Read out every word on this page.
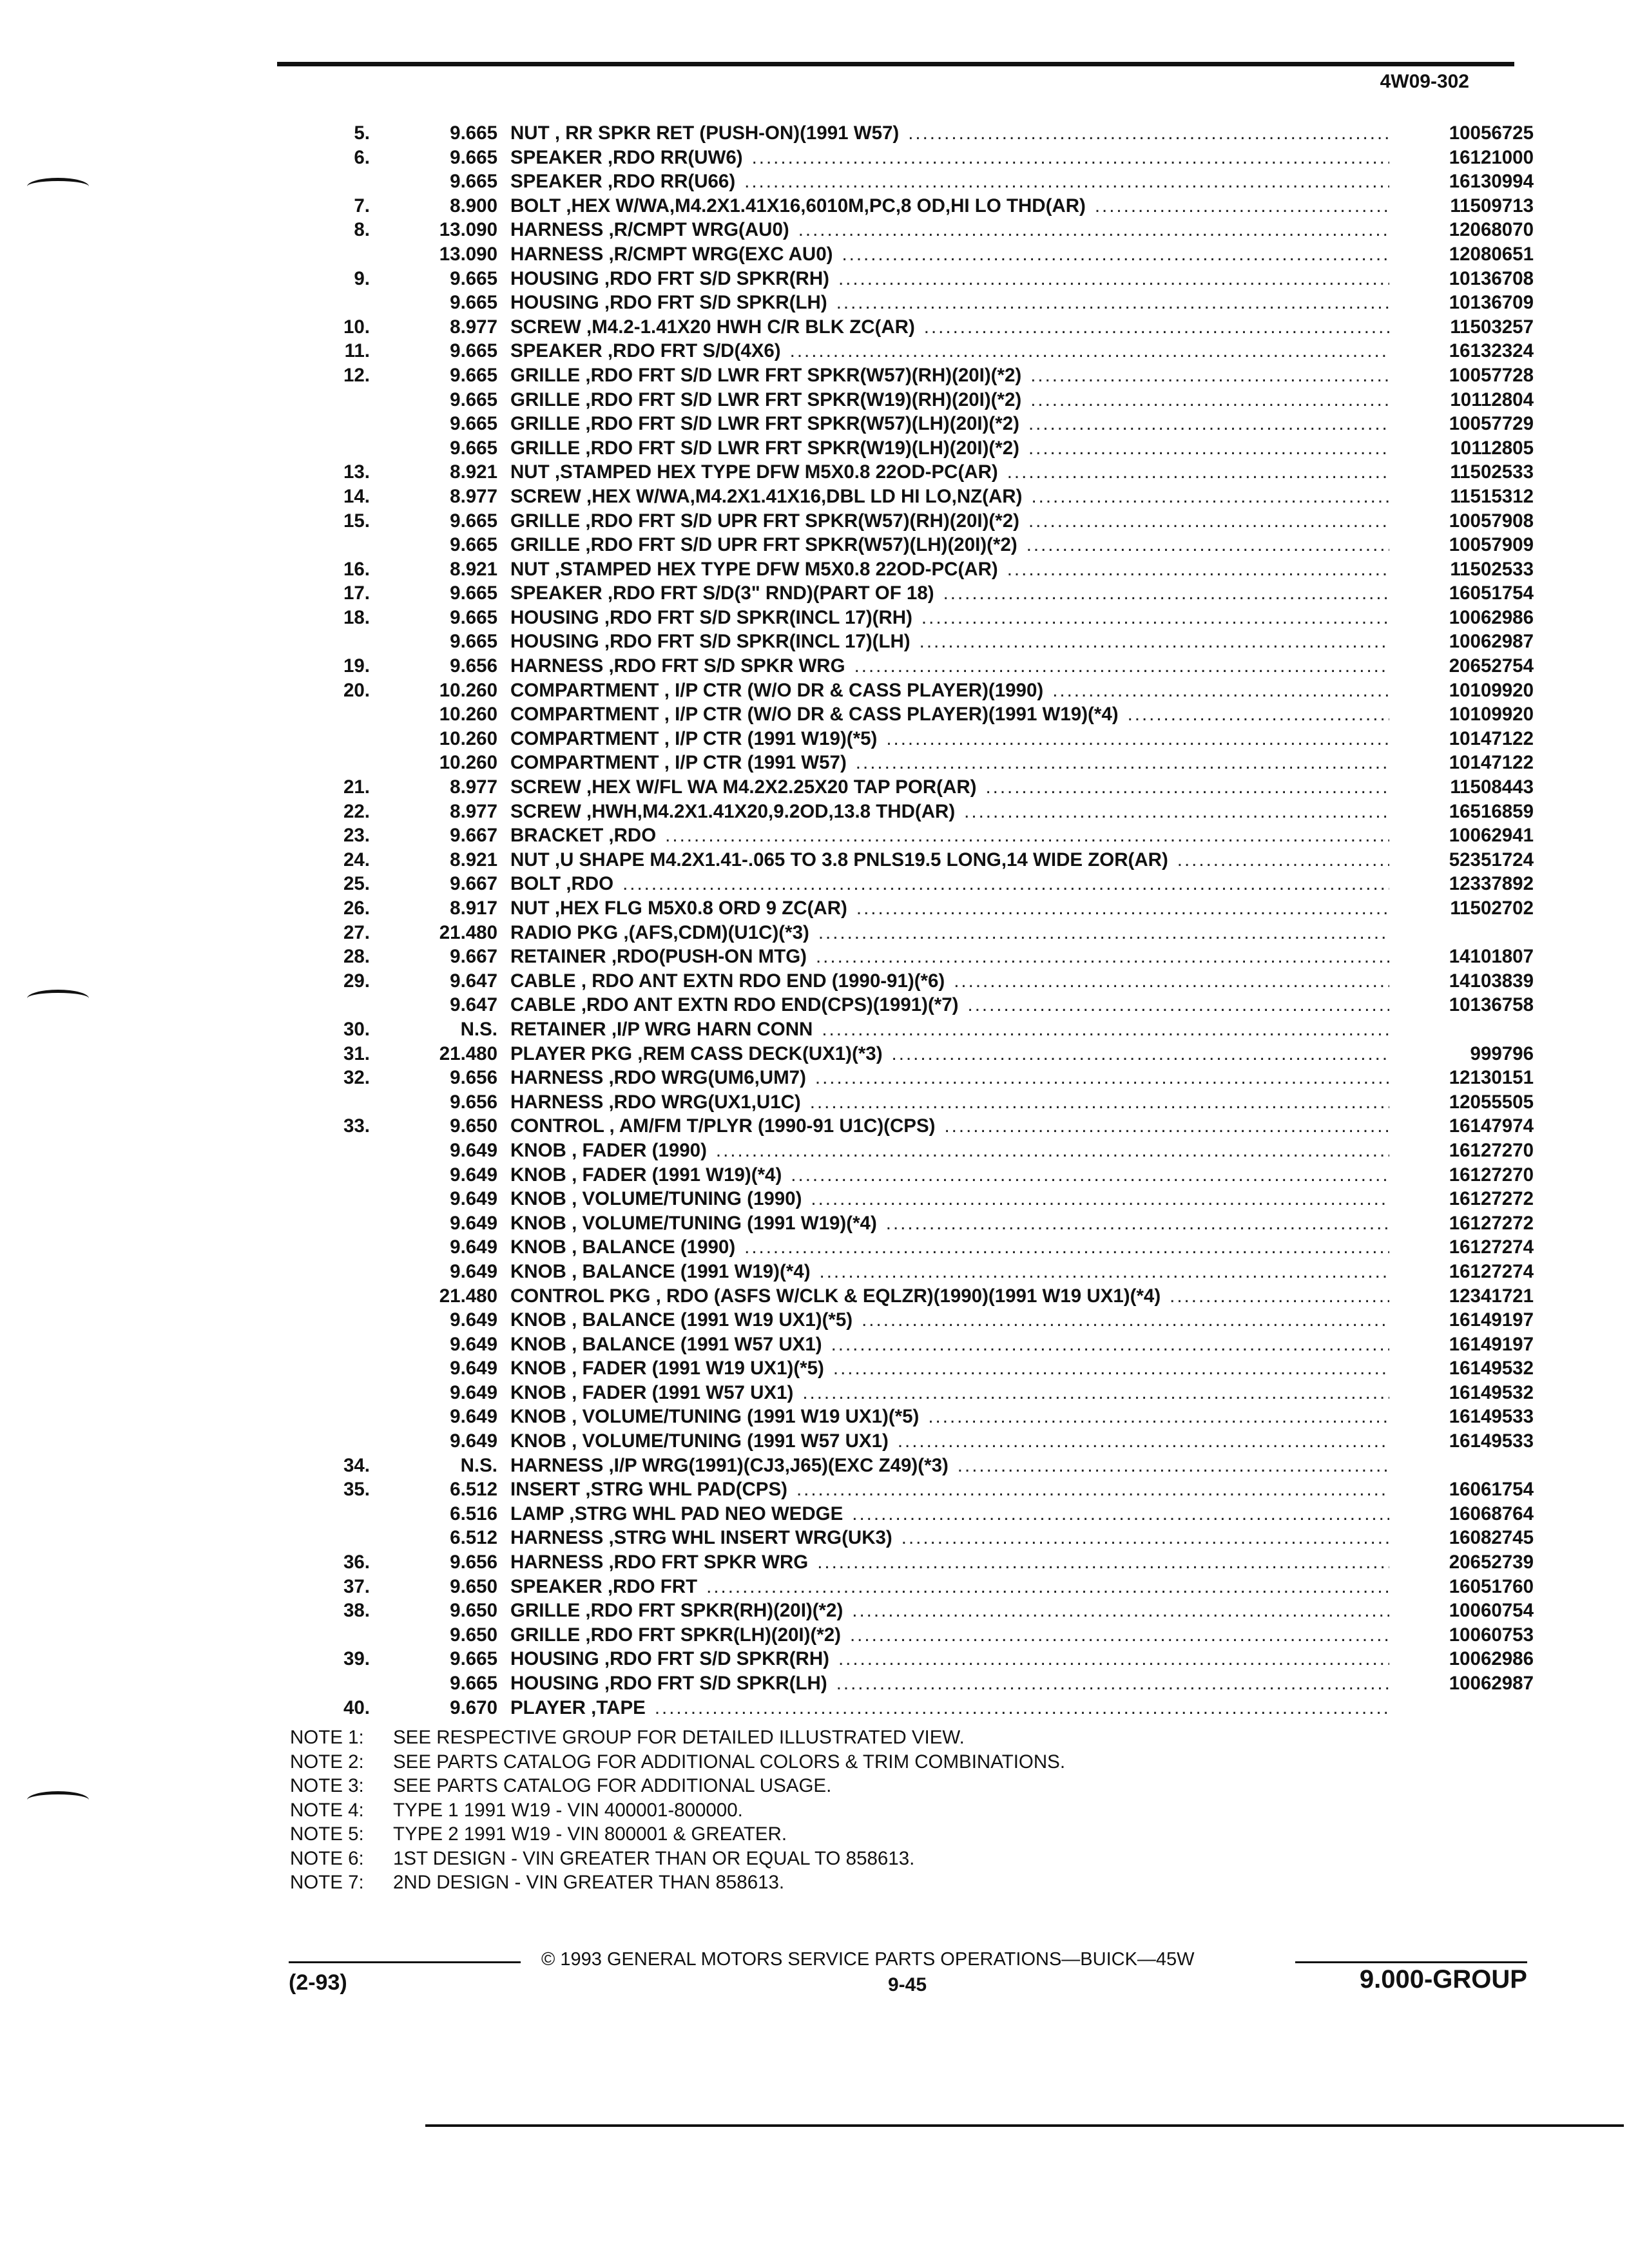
4W09-302
5.	9.665 NUT , RR SPKR RET (PUSH-ON)(1991 W57) .....	10056725
6.	9.665 SPEAKER ,RDO RR(UW6) .....	16121000
9.665 SPEAKER ,RDO RR(U66) .....	16130994
7.	8.900 BOLT ,HEX W/WA,M4.2X1.41X16,6010M,PC,8 OD,HI LO THD(AR) .....	11509713
8.	13.090 HARNESS ,R/CMPT WRG(AU0) .....	12068070
13.090 HARNESS ,R/CMPT WRG(EXC AU0) .....	12080651
9.	9.665 HOUSING ,RDO FRT S/D SPKR(RH) .....	10136708
9.665 HOUSING ,RDO FRT S/D SPKR(LH) .....	10136709
10.	8.977 SCREW ,M4.2-1.41X20 HWH C/R BLK ZC(AR) .....	11503257
11.	9.665 SPEAKER ,RDO FRT S/D(4X6) .....	16132324
12.	9.665 GRILLE ,RDO FRT S/D LWR FRT SPKR(W57)(RH)(20I)(*2) .....	10057728
9.665 GRILLE ,RDO FRT S/D LWR FRT SPKR(W19)(RH)(20I)(*2) .....	10112804
9.665 GRILLE ,RDO FRT S/D LWR FRT SPKR(W57)(LH)(20I)(*2) .....	10057729
9.665 GRILLE ,RDO FRT S/D LWR FRT SPKR(W19)(LH)(20I)(*2) .....	10112805
13.	8.921 NUT ,STAMPED HEX TYPE DFW M5X0.8 22OD-PC(AR) .....	11502533
14.	8.977 SCREW ,HEX W/WA,M4.2X1.41X16,DBL LD HI LO,NZ(AR) .....	11515312
15.	9.665 GRILLE ,RDO FRT S/D UPR FRT SPKR(W57)(RH)(20I)(*2) .....	10057908
9.665 GRILLE ,RDO FRT S/D UPR FRT SPKR(W57)(LH)(20I)(*2) .....	10057909
16.	8.921 NUT ,STAMPED HEX TYPE DFW M5X0.8 22OD-PC(AR) .....	11502533
17.	9.665 SPEAKER ,RDO FRT S/D(3" RND)(PART OF 18) .....	16051754
18.	9.665 HOUSING ,RDO FRT S/D SPKR(INCL 17)(RH) .....	10062986
9.665 HOUSING ,RDO FRT S/D SPKR(INCL 17)(LH) .....	10062987
19.	9.656 HARNESS ,RDO FRT S/D SPKR WRG .....	20652754
20.	10.260 COMPARTMENT , I/P CTR (W/O DR & CASS PLAYER)(1990) .....	10109920
10.260 COMPARTMENT , I/P CTR (W/O DR & CASS PLAYER)(1991 W19)(*4) .....	10109920
10.260 COMPARTMENT , I/P CTR (1991 W19)(*5) .....	10147122
10.260 COMPARTMENT , I/P CTR (1991 W57) .....	10147122
21.	8.977 SCREW ,HEX W/FL WA M4.2X2.25X20 TAP POR(AR) .....	11508443
22.	8.977 SCREW ,HWH,M4.2X1.41X20,9.2OD,13.8 THD(AR) .....	16516859
23.	9.667 BRACKET ,RDO .....	10062941
24.	8.921 NUT ,U SHAPE M4.2X1.41-.065 TO 3.8 PNLS19.5 LONG,14 WIDE ZOR(AR) .....	52351724
25.	9.667 BOLT ,RDO .....	12337892
26.	8.917 NUT ,HEX FLG M5X0.8 ORD 9 ZC(AR) .....	11502702
27.	21.480 RADIO PKG ,(AFS,CDM)(U1C)(*3)
.....
28.	9.667 RETAINER ,RDO(PUSH-ON MTG) .....	14101807
29.	9.647 CABLE , RDO ANT EXTN RDO END (1990-91)(*6) .....	14103839
9.647 CABLE ,RDO ANT EXTN RDO END(CPS)(1991)(*7) .....	10136758
30.	N.S. RETAINER ,I/P WRG HARN CONN
.....
31.	21.480 PLAYER PKG ,REM CASS DECK(UX1)(*3) .....	999796
32.	9.656 HARNESS ,RDO WRG(UM6,UM7) .....	12130151
9.656 HARNESS ,RDO WRG(UX1,U1C) .....	12055505
33.	9.650 CONTROL , AM/FM T/PLYR (1990-91 U1C)(CPS) .....	16147974
9.649 KNOB , FADER (1990) .....	16127270
9.649 KNOB , FADER (1991 W19)(*4) .....	16127270
9.649 KNOB , VOLUME/TUNING (1990) .....	16127272
9.649 KNOB , VOLUME/TUNING (1991 W19)(*4) .....	16127272
9.649 KNOB , BALANCE (1990) .....	16127274
9.649 KNOB , BALANCE (1991 W19)(*4) .....	16127274
21.480 CONTROL PKG , RDO (ASFS W/CLK & EQLZR)(1990)(1991 W19 UX1)(*4) .....	12341721
9.649 KNOB , BALANCE (1991 W19 UX1)(*5) .....	16149197
9.649 KNOB , BALANCE (1991 W57 UX1) .....	16149197
9.649 KNOB , FADER (1991 W19 UX1)(*5) .....	16149532
9.649 KNOB , FADER (1991 W57 UX1) .....	16149532
9.649 KNOB , VOLUME/TUNING (1991 W19 UX1)(*5) .....	16149533
9.649 KNOB , VOLUME/TUNING (1991 W57 UX1) .....	16149533
34.	N.S. HARNESS ,I/P WRG(1991)(CJ3,J65)(EXC Z49)(*3)
.....
35.	6.512 INSERT ,STRG WHL PAD(CPS) .....	16061754
6.516 LAMP ,STRG WHL PAD NEO WEDGE .....	16068764
6.512 HARNESS ,STRG WHL INSERT WRG(UK3) .....	16082745
36.	9.656 HARNESS ,RDO FRT SPKR WRG .....	20652739
37.	9.650 SPEAKER ,RDO FRT .....	16051760
38.	9.650 GRILLE ,RDO FRT SPKR(RH)(20I)(*2) .....	10060754
9.650 GRILLE ,RDO FRT SPKR(LH)(20I)(*2) .....	10060753
39.	9.665 HOUSING ,RDO FRT S/D SPKR(RH) .....	10062986
9.665 HOUSING ,RDO FRT S/D SPKR(LH) .....	10062987
40.	9.670 PLAYER ,TAPE
.....
NOTE 1:	SEE RESPECTIVE GROUP FOR DETAILED ILLUSTRATED VIEW.
NOTE 2:	SEE PARTS CATALOG FOR ADDITIONAL COLORS & TRIM COMBINATIONS.
NOTE 3:	SEE PARTS CATALOG FOR ADDITIONAL USAGE.
NOTE 4:	TYPE 1 1991 W19 - VIN 400001-800000.
NOTE 5:	TYPE 2 1991 W19 - VIN 800001 & GREATER.
NOTE 6:	1ST DESIGN - VIN GREATER THAN OR EQUAL TO 858613.
NOTE 7:	2ND DESIGN - VIN GREATER THAN 858613.
© 1993 GENERAL MOTORS SERVICE PARTS OPERATIONS—BUICK—45W
(2-93)	9-45	9.000-GROUP
